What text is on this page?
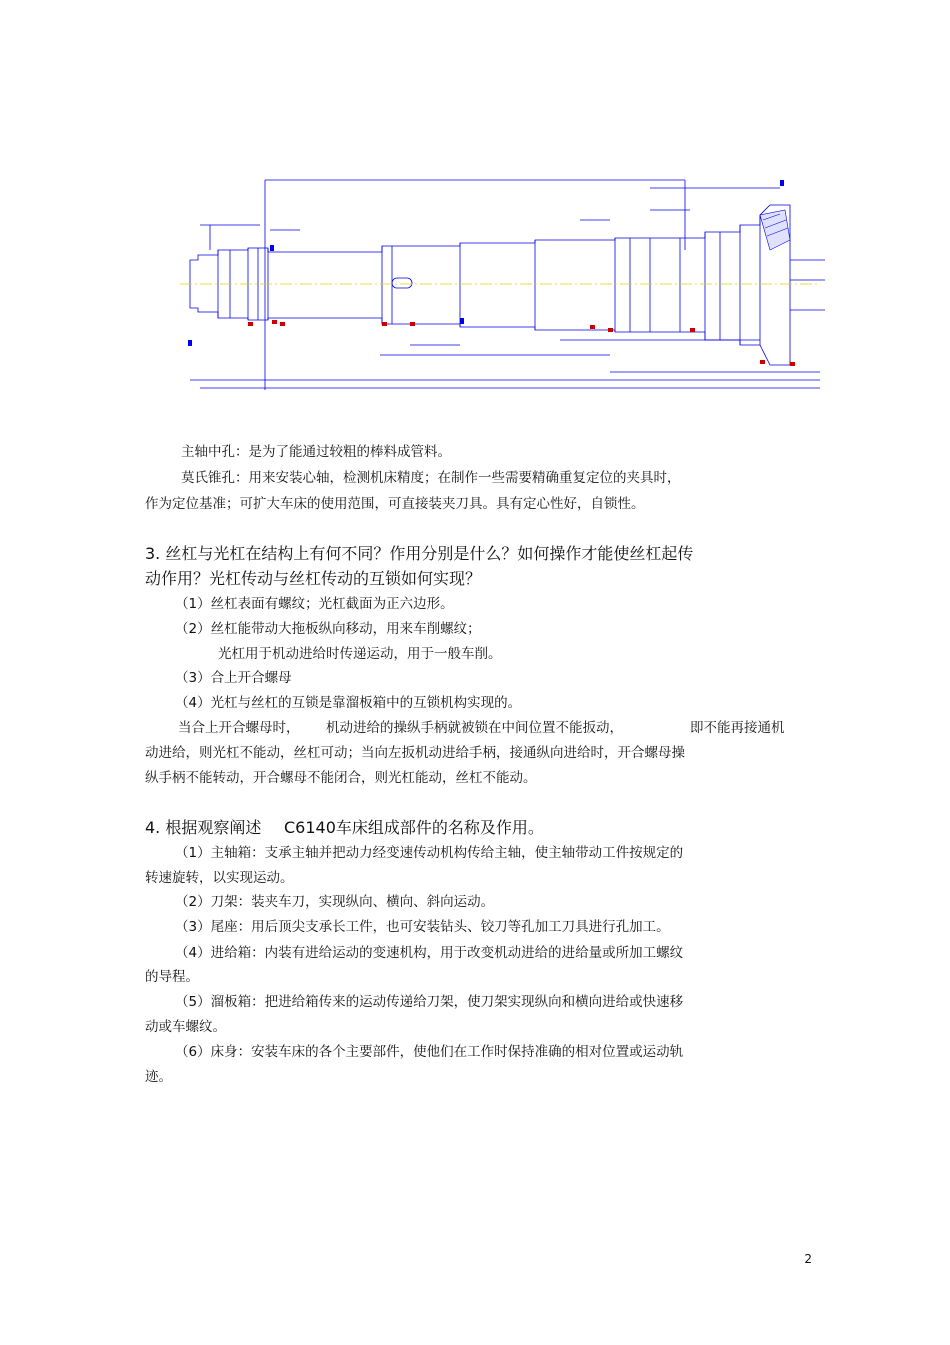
主轴中孔：是为了能通过较粗的棒料成管料。
莫氏锥孔：用来安装心轴，检测机床精度；在制作一些需要精确重复定位的夹具时，
作为定位基准；可扩大车床的使用范围，可直接装夹刀具。具有定心性好，自锁性。
3. 丝杠与光杠在结构上有何不同？作用分别是什么？如何操作才能使丝杠起传
动作用？光杠传动与丝杠传动的互锁如何实现？
（1）丝杠表面有螺纹；光杠截面为正六边形。
（2）丝杠能带动大拖板纵向移动，用来车削螺纹；
光杠用于机动进给时传递运动，用于一般车削。
（3）合上开合螺母
（4）光杠与丝杠的互锁是靠溜板箱中的互锁机构实现的。
当合上开合螺母时， 机动进给的操纵手柄就被锁在中间位置不能扳动，	即不能再接通机
动进给，则光杠不能动，丝杠可动；当向左扳机动进给手柄，接通纵向进给时，开合螺母操
纵手柄不能转动，开合螺母不能闭合，则光杠能动，丝杠不能动。
4. 根据观察阐述 C6140车床组成部件的名称及作用。
（1）主轴箱：支承主轴并把动力经变速传动机构传给主轴，使主轴带动工件按规定的
转速旋转，以实现运动。
（2）刀架：装夹车刀，实现纵向、横向、斜向运动。
（3）尾座：用后顶尖支承长工件，也可安装钻头、铰刀等孔加工刀具进行孔加工。
（4）进给箱：内装有进给运动的变速机构，用于改变机动进给的进给量或所加工螺纹
的导程。
（5）溜板箱：把进给箱传来的运动传递给刀架，使刀架实现纵向和横向进给或快速移
动或车螺纹。
（6）床身：安装车床的各个主要部件，使他们在工作时保持准确的相对位置或运动轨
迹。
2
